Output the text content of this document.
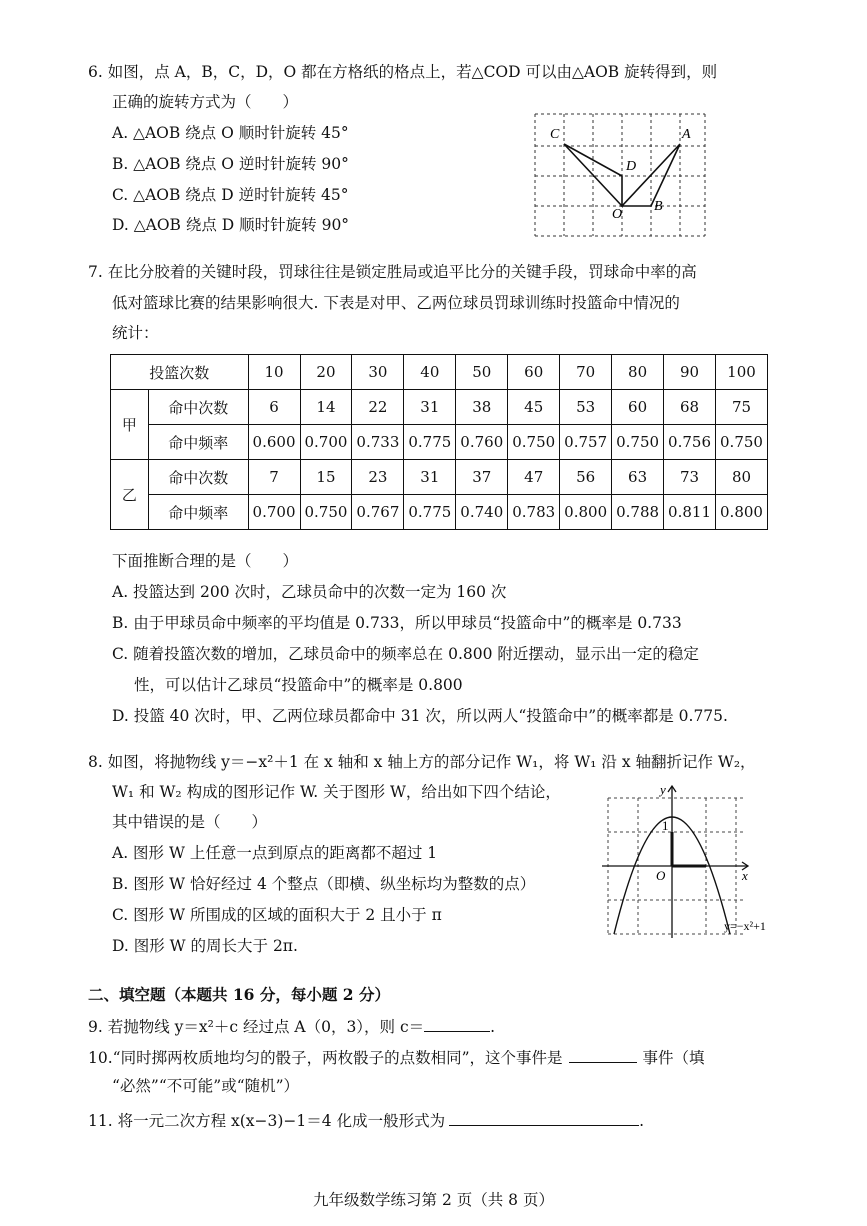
6. 如图，点 A，B，C，D，O 都在方格纸的格点上，若△COD 可以由△AOB 旋转得到，则
正确的旋转方式为（　　）
A. △AOB 绕点 O 顺时针旋转 45°
B. △AOB 绕点 O 逆时针旋转 90°
C. △AOB 绕点 D 逆时针旋转 45°
D. △AOB 绕点 D 顺时针旋转 90°
C	A
D
O
B
7. 在比分胶着的关键时段，罚球往往是锁定胜局或追平比分的关键手段，罚球命中率的高
低对篮球比赛的结果影响很大. 下表是对甲、乙两位球员罚球训练时投篮命中情况的
统计：
投篮次数		10	20	30	40	50	60	70	80	90	100
甲	命中次数	6	14	22	31	38	45	53	60	68	75
	命中频率	0.600	0.700	0.733	0.775	0.760	0.750	0.757	0.750	0.756	0.750
乙	命中次数	7	15	23	31	37	47	56	63	73	80
	命中频率	0.700	0.750	0.767	0.775	0.740	0.783	0.800	0.788	0.811	0.800
下面推断合理的是（　　）
A. 投篮达到 200 次时，乙球员命中的次数一定为 160 次
B. 由于甲球员命中频率的平均值是 0.733，所以甲球员“投篮命中”的概率是 0.733
C. 随着投篮次数的增加，乙球员命中的频率总在 0.800 附近摆动，显示出一定的稳定
性，可以估计乙球员“投篮命中”的概率是 0.800
D. 投篮 40 次时，甲、乙两位球员都命中 31 次，所以两人“投篮命中”的概率都是 0.775.
8. 如图，将抛物线 y＝−x²＋1 在 x 轴和 x 轴上方的部分记作 W₁，将 W₁ 沿 x 轴翻折记作 W₂，
W₁ 和 W₂ 构成的图形记作 W. 关于图形 W，给出如下四个结论，
其中错误的是（　　）
A. 图形 W 上任意一点到原点的距离都不超过 1
B. 图形 W 恰好经过 4 个整点（即横、纵坐标均为整数的点）
C. 图形 W 所围成的区域的面积大于 2 且小于 π
D. 图形 W 的周长大于 2π.
y
x
1
O
y=−x²+1
二、填空题（本题共 16 分，每小题 2 分）
9. 若抛物线 y＝x²＋c 经过点 A（0，3），则 c＝	.
10.“同时掷两枚质地均匀的骰子，两枚骰子的点数相同”，这个事件是	事件（填
“必然”“不可能”或“随机”）
11. 将一元二次方程 x(x−3)−1＝4 化成一般形式为	.
九年级数学练习第 2 页（共 8 页）
